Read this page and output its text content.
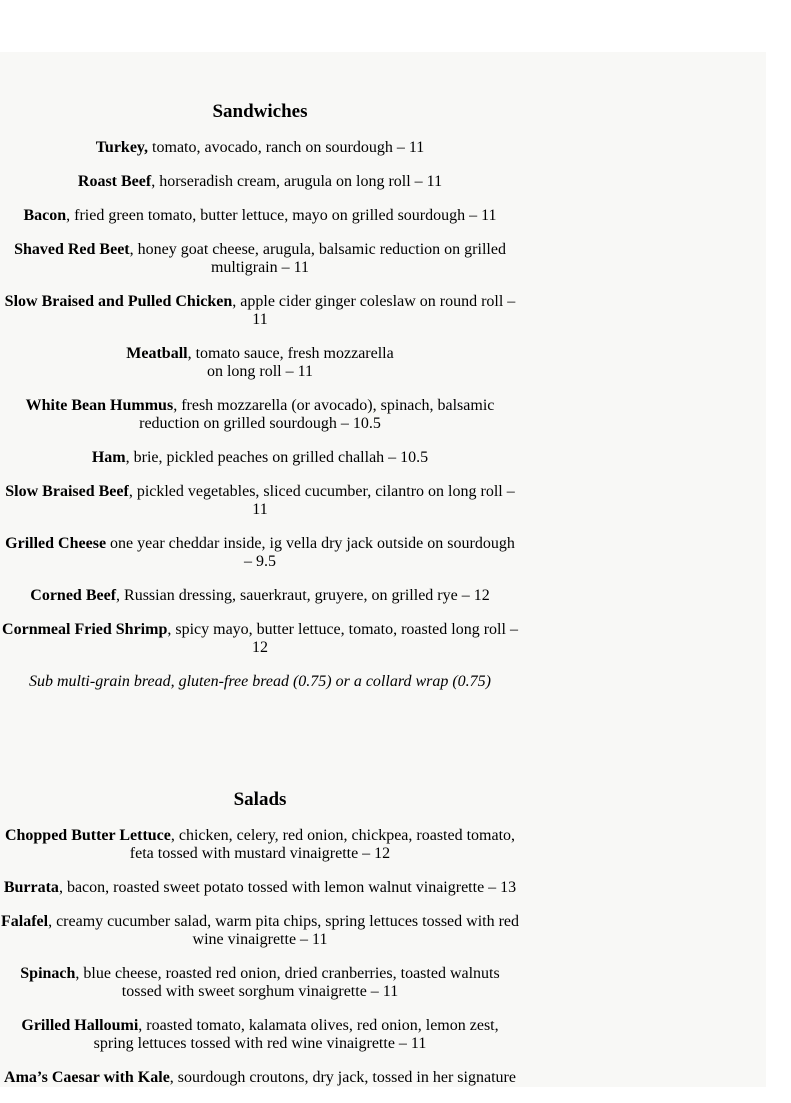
Sandwiches

Turkey, tomato, avocado, ranch on sourdough – 11

Roast Beef, horseradish cream, arugula on long roll – 11

Bacon, fried green tomato, butter lettuce, mayo on grilled sourdough – 11

Shaved Red Beet, honey goat cheese, arugula, balsamic reduction on grilled multigrain – 11

Slow Braised and Pulled Chicken, apple cider ginger coleslaw on round roll – 11

Meatball, tomato sauce, fresh mozzarella
on long roll – 11

White Bean Hummus, fresh mozzarella (or avocado), spinach, balsamic reduction on grilled sourdough – 10.5

Ham, brie, pickled peaches on grilled challah – 10.5

Slow Braised Beef, pickled vegetables, sliced cucumber, cilantro on long roll – 11

Grilled Cheese one year cheddar inside, ig vella dry jack outside on sourdough – 9.5

Corned Beef, Russian dressing, sauerkraut, gruyere, on grilled rye – 12

Cornmeal Fried Shrimp, spicy mayo, butter lettuce, tomato, roasted long roll – 12

Sub multi-grain bread, gluten-free bread (0.75) or a collard wrap (0.75)

Salads

Chopped Butter Lettuce, chicken, celery, red onion, chickpea, roasted tomato, feta tossed with mustard vinaigrette – 12

Burrata, bacon, roasted sweet potato tossed with lemon walnut vinaigrette – 13

Falafel, creamy cucumber salad, warm pita chips, spring lettuces tossed with red wine vinaigrette – 11

Spinach, blue cheese, roasted red onion, dried cranberries, toasted walnuts tossed with sweet sorghum vinaigrette – 11

Grilled Halloumi, roasted tomato, kalamata olives, red onion, lemon zest, spring lettuces tossed with red wine vinaigrette – 11

Ama’s Caesar with Kale, sourdough croutons, dry jack, tossed in her signature
